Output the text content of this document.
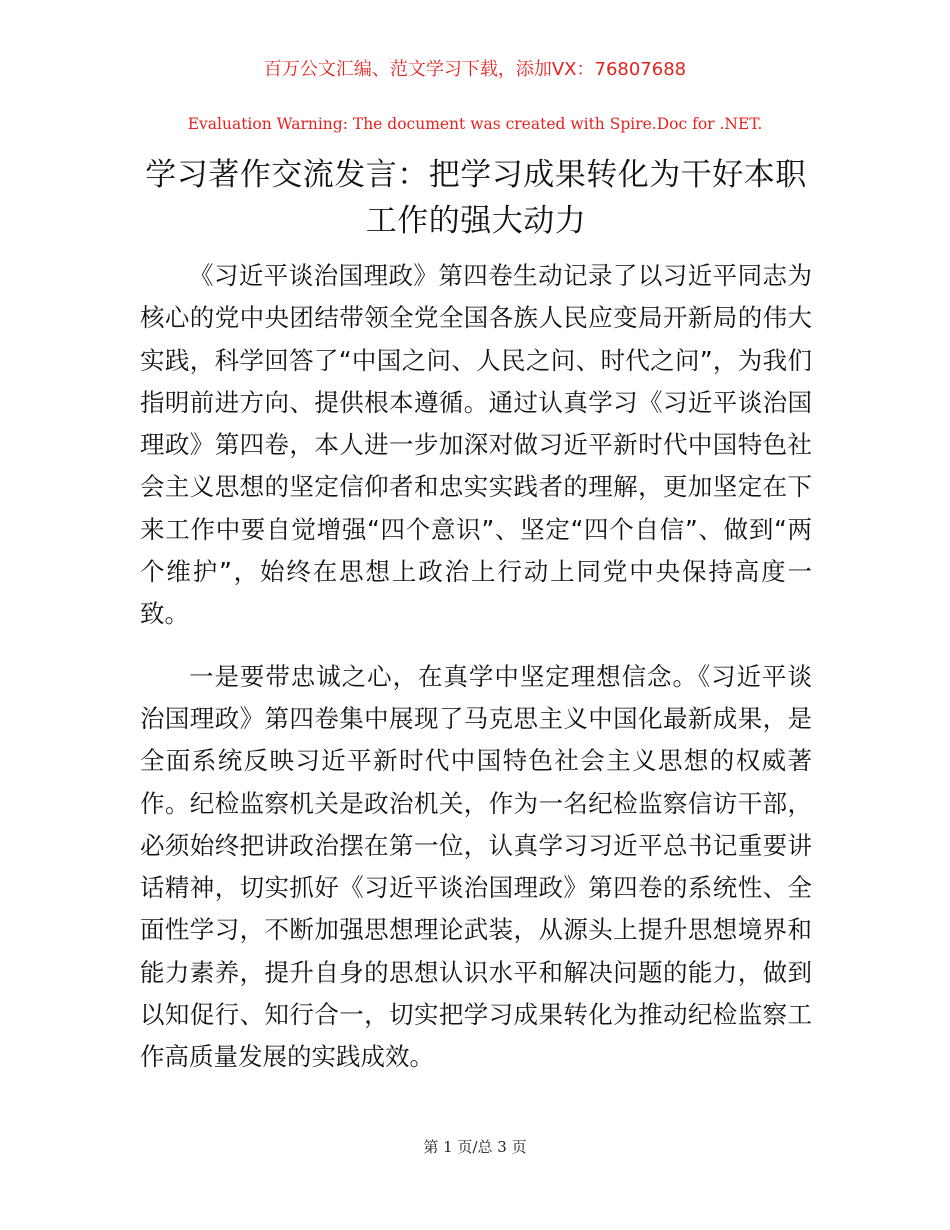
百万公文汇编、范文学习下载，添加VX：76807688
Evaluation Warning: The document was created with Spire.Doc for .NET.
学习著作交流发言：把学习成果转化为干好本职工作的强大动力

《习近平谈治国理政》第四卷生动记录了以习近平同志为核心的党中央团结带领全党全国各族人民应变局开新局的伟大实践，科学回答了“中国之问、人民之问、时代之问”，为我们指明前进方向、提供根本遵循。通过认真学习《习近平谈治国理政》第四卷，本人进一步加深对做习近平新时代中国特色社会主义思想的坚定信仰者和忠实实践者的理解，更加坚定在下来工作中要自觉增强“四个意识”、坚定“四个自信”、做到“两个维护”，始终在思想上政治上行动上同党中央保持高度一致。

一是要带忠诚之心，在真学中坚定理想信念。《习近平谈治国理政》第四卷集中展现了马克思主义中国化最新成果，是全面系统反映习近平新时代中国特色社会主义思想的权威著作。纪检监察机关是政治机关，作为一名纪检监察信访干部，必须始终把讲政治摆在第一位，认真学习习近平总书记重要讲话精神，切实抓好《习近平谈治国理政》第四卷的系统性、全面性学习，不断加强思想理论武装，从源头上提升思想境界和能力素养，提升自身的思想认识水平和解决问题的能力，做到以知促行、知行合一，切实把学习成果转化为推动纪检监察工作高质量发展的实践成效。

第 1 页/总 3 页
